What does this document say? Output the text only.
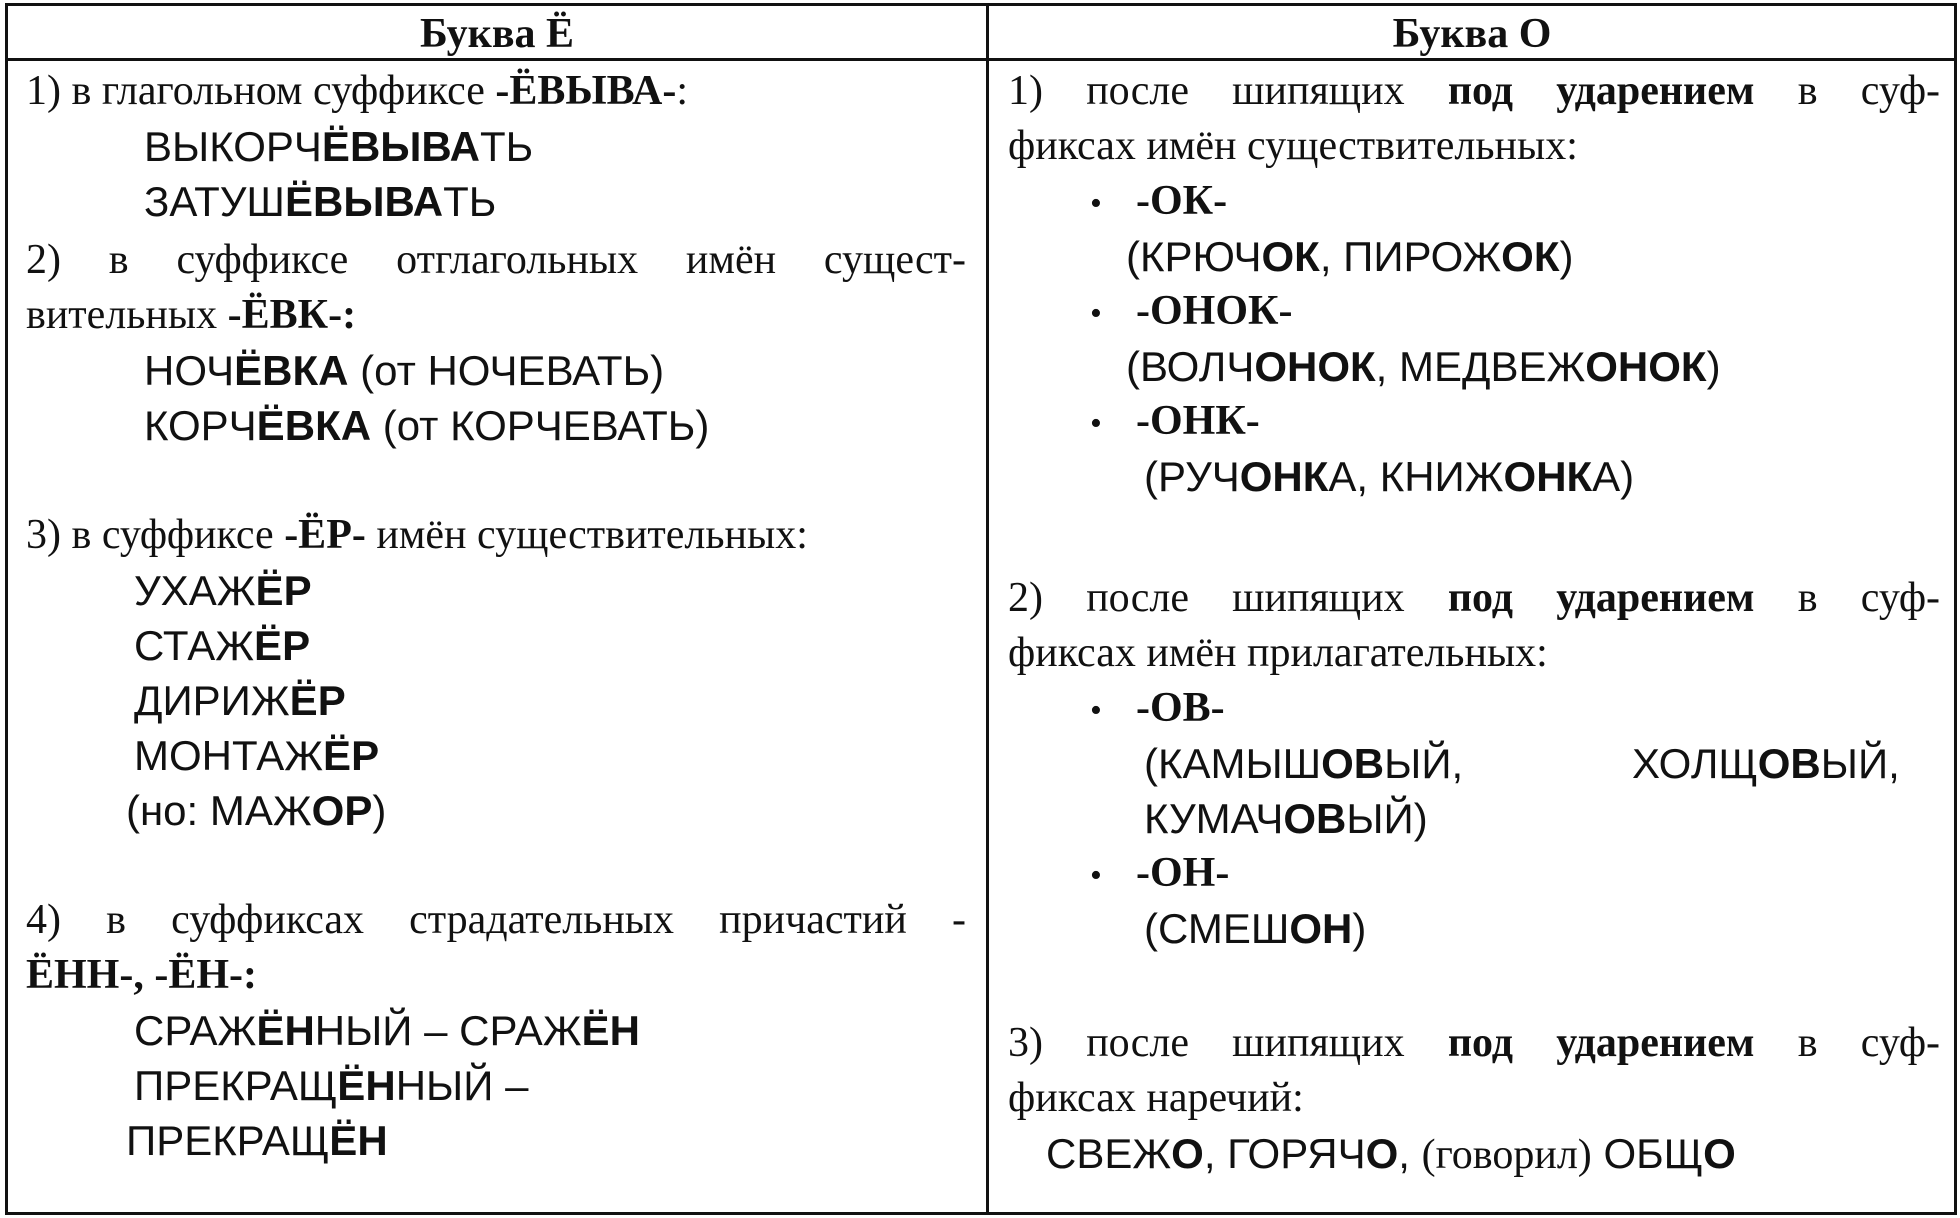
Буква Ё	Буква О
1) в глагольном суффиксе -ЁВЫВА-:
ВЫКОРЧЁВЫВАТЬ
ЗАТУШЁВЫВАТЬ
2) в суффиксе отглагольных имён сущест-
вительных -ЁВК-:
НОЧЁВКА (от НОЧЕВАТЬ)
КОРЧЁВКА (от КОРЧЕВАТЬ)
3) в суффиксе -ЁР- имён существительных:
УХАЖЁР
СТАЖЁР
ДИРИЖЁР
МОНТАЖЁР
(но: МАЖОР)
4) в суффиксах страдательных причастий -
ЁНН-, -ЁН-:
СРАЖЁННЫЙ – СРАЖЁН
ПРЕКРАЩЁННЫЙ –
ПРЕКРАЩЁН
1) после шипящих под ударением в суф-
фиксах имён существительных:
• -ОК-
(КРЮЧОК, ПИРОЖОК)
• -ОНОК-
(ВОЛЧОНОК, МЕДВЕЖОНОК)
• -ОНК-
(РУЧОНКА, КНИЖОНКА)
2) после шипящих под ударением в суф-
фиксах имён прилагательных:
• -ОВ-
(КАМЫШОВЫЙ,	ХОЛЩОВЫЙ,
КУМАЧОВЫЙ)
• -ОН-
(СМЕШОН)
3) после шипящих под ударением в суф-
фиксах наречий:
СВЕЖО, ГОРЯЧО, (говорил) ОБЩО
